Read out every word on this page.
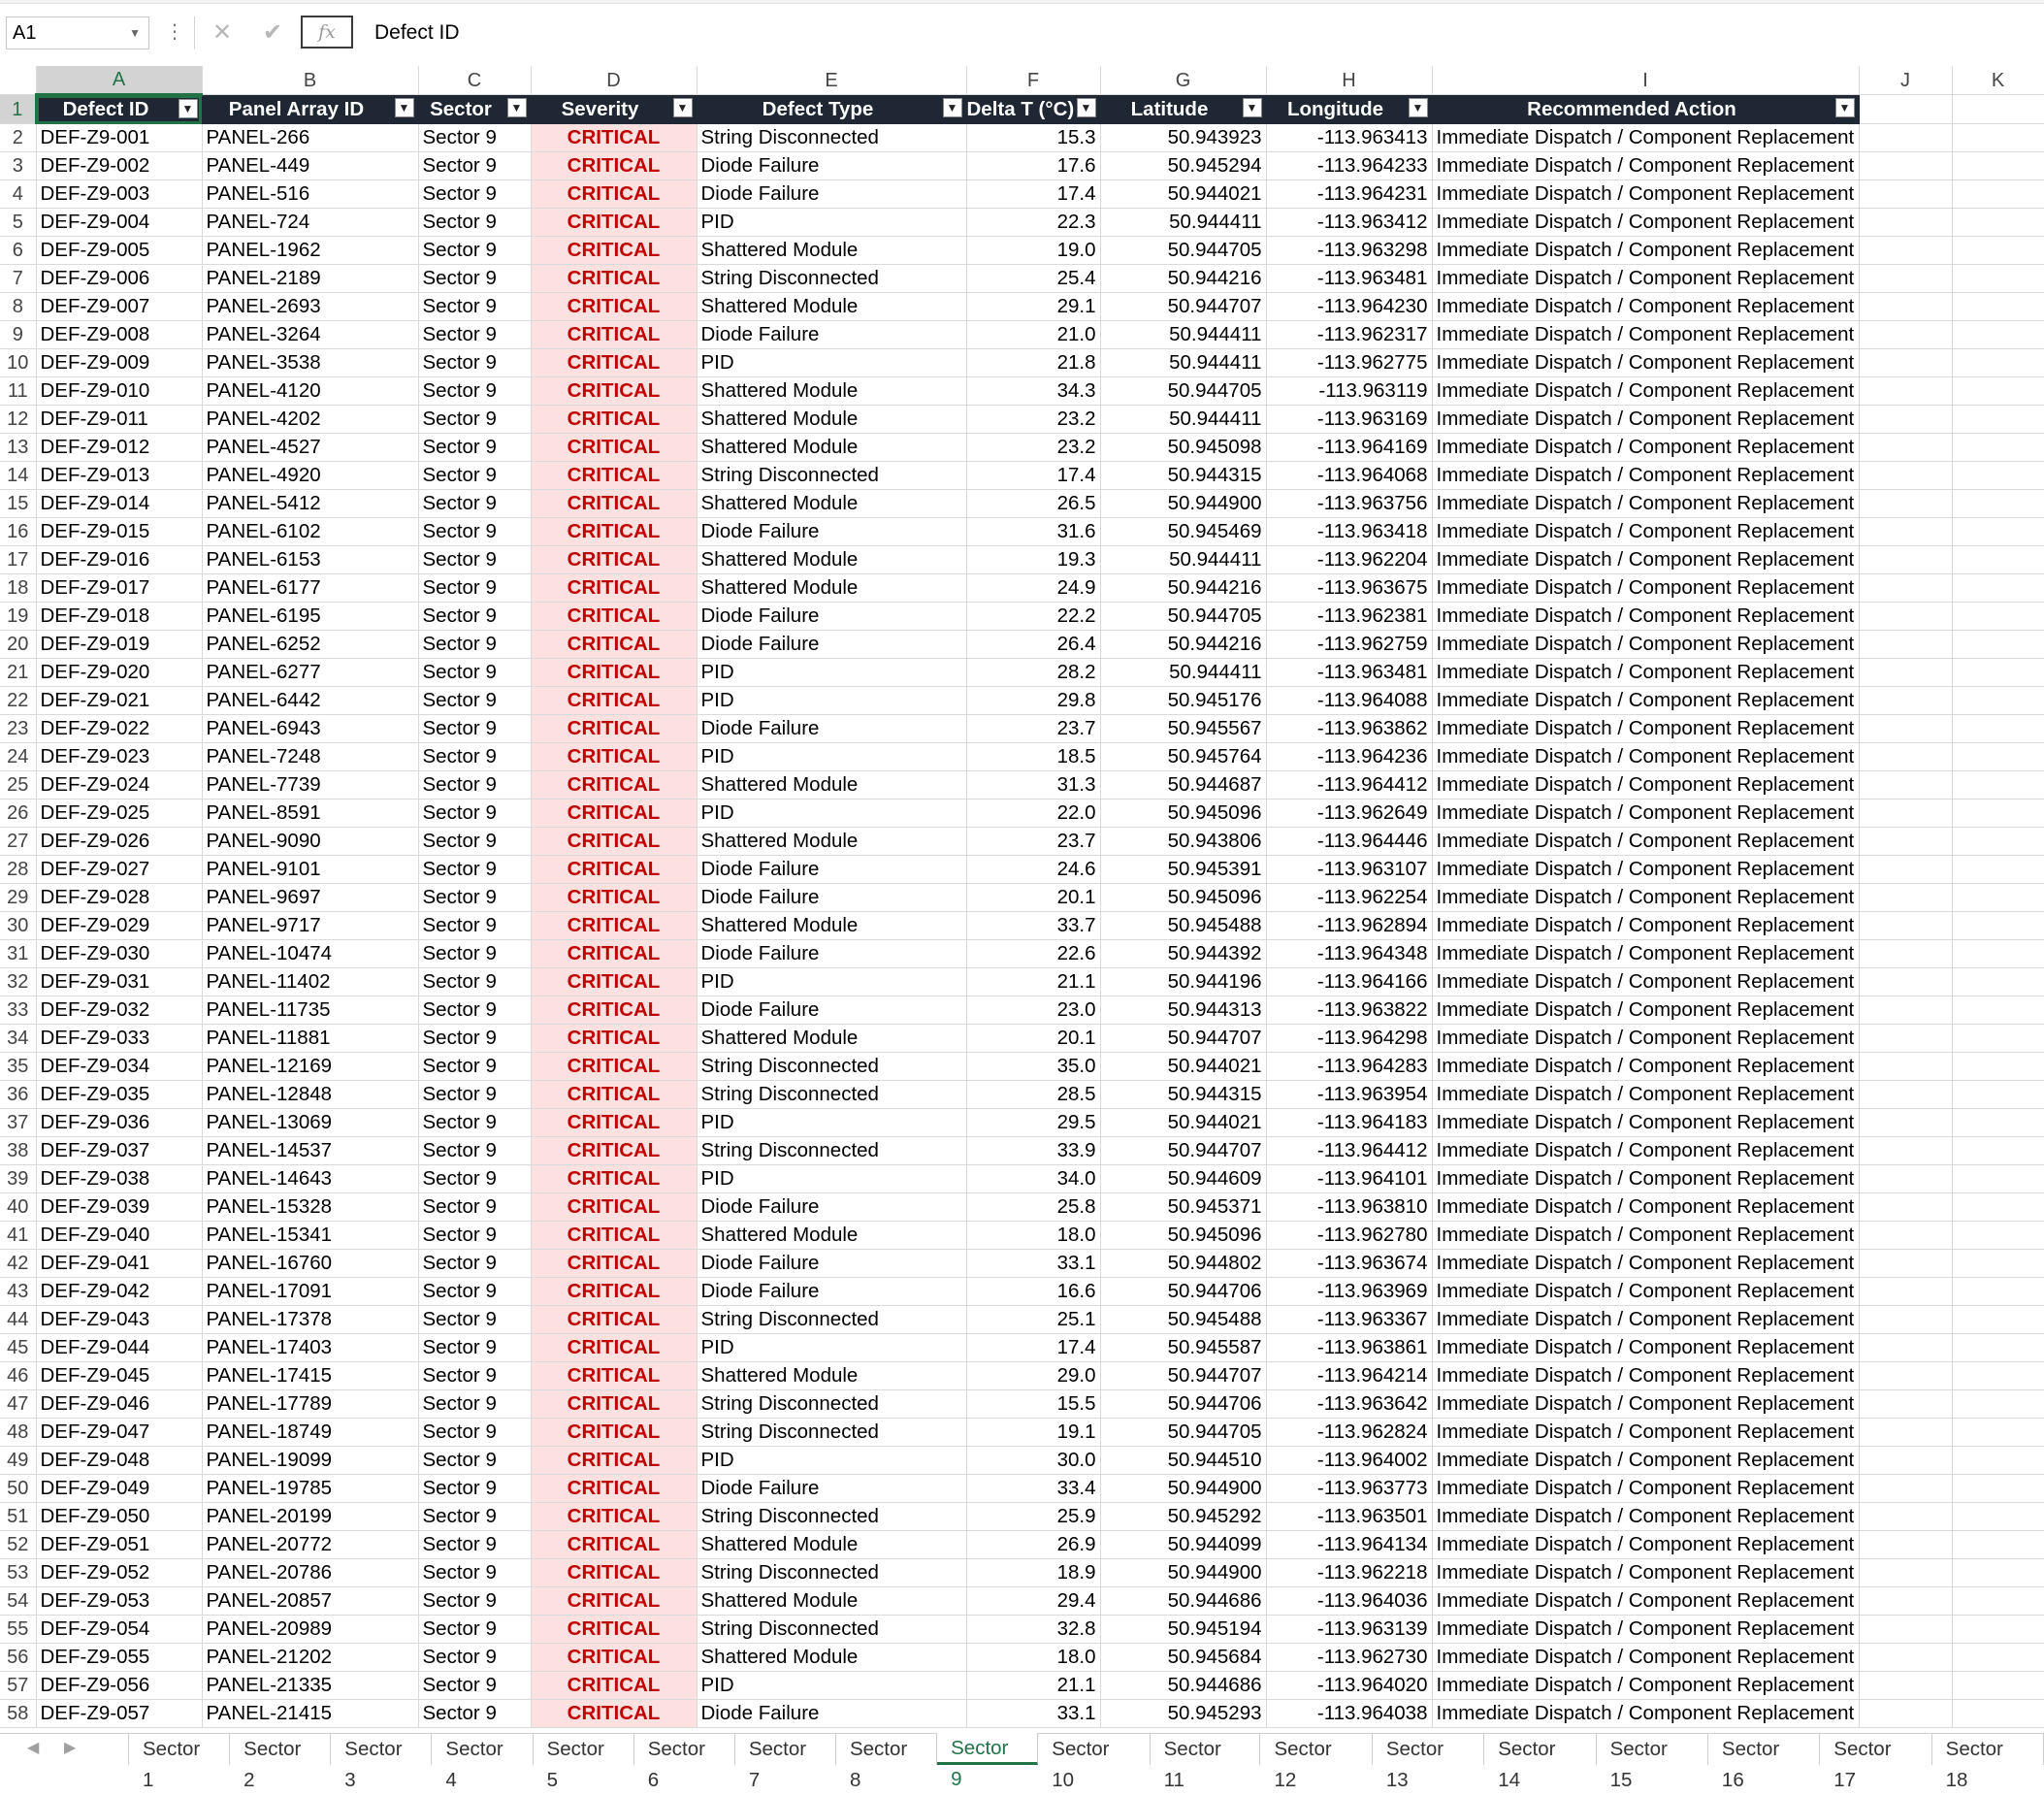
A1	▼ ⋮	✕	✔	fx	Defect ID
	A	B	C	D	E	F	G	H	I	J	K
1	Defect ID ▼	Panel Array ID ▼	Sector ▼	Severity ▼	Defect Type ▼	Delta T (°C) ▼	Latitude ▼	Longitude ▼	Recommended Action ▼		

2	DEF-Z9-001	PANEL-266	Sector 9	CRITICAL	String Disconnected	15.3	50.943923	-113.963413	Immediate Dispatch / Component Replacement		
3	DEF-Z9-002	PANEL-449	Sector 9	CRITICAL	Diode Failure	17.6	50.945294	-113.964233	Immediate Dispatch / Component Replacement		
4	DEF-Z9-003	PANEL-516	Sector 9	CRITICAL	Diode Failure	17.4	50.944021	-113.964231	Immediate Dispatch / Component Replacement		
5	DEF-Z9-004	PANEL-724	Sector 9	CRITICAL	PID	22.3	50.944411	-113.963412	Immediate Dispatch / Component Replacement		
6	DEF-Z9-005	PANEL-1962	Sector 9	CRITICAL	Shattered Module	19.0	50.944705	-113.963298	Immediate Dispatch / Component Replacement		
7	DEF-Z9-006	PANEL-2189	Sector 9	CRITICAL	String Disconnected	25.4	50.944216	-113.963481	Immediate Dispatch / Component Replacement		
8	DEF-Z9-007	PANEL-2693	Sector 9	CRITICAL	Shattered Module	29.1	50.944707	-113.964230	Immediate Dispatch / Component Replacement		
9	DEF-Z9-008	PANEL-3264	Sector 9	CRITICAL	Diode Failure	21.0	50.944411	-113.962317	Immediate Dispatch / Component Replacement		
10	DEF-Z9-009	PANEL-3538	Sector 9	CRITICAL	PID	21.8	50.944411	-113.962775	Immediate Dispatch / Component Replacement		
11	DEF-Z9-010	PANEL-4120	Sector 9	CRITICAL	Shattered Module	34.3	50.944705	-113.963119	Immediate Dispatch / Component Replacement		
12	DEF-Z9-011	PANEL-4202	Sector 9	CRITICAL	Shattered Module	23.2	50.944411	-113.963169	Immediate Dispatch / Component Replacement		
13	DEF-Z9-012	PANEL-4527	Sector 9	CRITICAL	Shattered Module	23.2	50.945098	-113.964169	Immediate Dispatch / Component Replacement		
14	DEF-Z9-013	PANEL-4920	Sector 9	CRITICAL	String Disconnected	17.4	50.944315	-113.964068	Immediate Dispatch / Component Replacement		
15	DEF-Z9-014	PANEL-5412	Sector 9	CRITICAL	Shattered Module	26.5	50.944900	-113.963756	Immediate Dispatch / Component Replacement		
16	DEF-Z9-015	PANEL-6102	Sector 9	CRITICAL	Diode Failure	31.6	50.945469	-113.963418	Immediate Dispatch / Component Replacement		
17	DEF-Z9-016	PANEL-6153	Sector 9	CRITICAL	Shattered Module	19.3	50.944411	-113.962204	Immediate Dispatch / Component Replacement		
18	DEF-Z9-017	PANEL-6177	Sector 9	CRITICAL	Shattered Module	24.9	50.944216	-113.963675	Immediate Dispatch / Component Replacement		
19	DEF-Z9-018	PANEL-6195	Sector 9	CRITICAL	Diode Failure	22.2	50.944705	-113.962381	Immediate Dispatch / Component Replacement		
20	DEF-Z9-019	PANEL-6252	Sector 9	CRITICAL	Diode Failure	26.4	50.944216	-113.962759	Immediate Dispatch / Component Replacement		
21	DEF-Z9-020	PANEL-6277	Sector 9	CRITICAL	PID	28.2	50.944411	-113.963481	Immediate Dispatch / Component Replacement		
22	DEF-Z9-021	PANEL-6442	Sector 9	CRITICAL	PID	29.8	50.945176	-113.964088	Immediate Dispatch / Component Replacement		
23	DEF-Z9-022	PANEL-6943	Sector 9	CRITICAL	Diode Failure	23.7	50.945567	-113.963862	Immediate Dispatch / Component Replacement		
24	DEF-Z9-023	PANEL-7248	Sector 9	CRITICAL	PID	18.5	50.945764	-113.964236	Immediate Dispatch / Component Replacement		
25	DEF-Z9-024	PANEL-7739	Sector 9	CRITICAL	Shattered Module	31.3	50.944687	-113.964412	Immediate Dispatch / Component Replacement		
26	DEF-Z9-025	PANEL-8591	Sector 9	CRITICAL	PID	22.0	50.945096	-113.962649	Immediate Dispatch / Component Replacement		
27	DEF-Z9-026	PANEL-9090	Sector 9	CRITICAL	Shattered Module	23.7	50.943806	-113.964446	Immediate Dispatch / Component Replacement		
28	DEF-Z9-027	PANEL-9101	Sector 9	CRITICAL	Diode Failure	24.6	50.945391	-113.963107	Immediate Dispatch / Component Replacement		
29	DEF-Z9-028	PANEL-9697	Sector 9	CRITICAL	Diode Failure	20.1	50.945096	-113.962254	Immediate Dispatch / Component Replacement		
30	DEF-Z9-029	PANEL-9717	Sector 9	CRITICAL	Shattered Module	33.7	50.945488	-113.962894	Immediate Dispatch / Component Replacement		
31	DEF-Z9-030	PANEL-10474	Sector 9	CRITICAL	Diode Failure	22.6	50.944392	-113.964348	Immediate Dispatch / Component Replacement		
32	DEF-Z9-031	PANEL-11402	Sector 9	CRITICAL	PID	21.1	50.944196	-113.964166	Immediate Dispatch / Component Replacement		
33	DEF-Z9-032	PANEL-11735	Sector 9	CRITICAL	Diode Failure	23.0	50.944313	-113.963822	Immediate Dispatch / Component Replacement		
34	DEF-Z9-033	PANEL-11881	Sector 9	CRITICAL	Shattered Module	20.1	50.944707	-113.964298	Immediate Dispatch / Component Replacement		
35	DEF-Z9-034	PANEL-12169	Sector 9	CRITICAL	String Disconnected	35.0	50.944021	-113.964283	Immediate Dispatch / Component Replacement		
36	DEF-Z9-035	PANEL-12848	Sector 9	CRITICAL	String Disconnected	28.5	50.944315	-113.963954	Immediate Dispatch / Component Replacement		
37	DEF-Z9-036	PANEL-13069	Sector 9	CRITICAL	PID	29.5	50.944021	-113.964183	Immediate Dispatch / Component Replacement		
38	DEF-Z9-037	PANEL-14537	Sector 9	CRITICAL	String Disconnected	33.9	50.944707	-113.964412	Immediate Dispatch / Component Replacement		
39	DEF-Z9-038	PANEL-14643	Sector 9	CRITICAL	PID	34.0	50.944609	-113.964101	Immediate Dispatch / Component Replacement		
40	DEF-Z9-039	PANEL-15328	Sector 9	CRITICAL	Diode Failure	25.8	50.945371	-113.963810	Immediate Dispatch / Component Replacement		
41	DEF-Z9-040	PANEL-15341	Sector 9	CRITICAL	Shattered Module	18.0	50.945096	-113.962780	Immediate Dispatch / Component Replacement		
42	DEF-Z9-041	PANEL-16760	Sector 9	CRITICAL	Diode Failure	33.1	50.944802	-113.963674	Immediate Dispatch / Component Replacement		
43	DEF-Z9-042	PANEL-17091	Sector 9	CRITICAL	Diode Failure	16.6	50.944706	-113.963969	Immediate Dispatch / Component Replacement		
44	DEF-Z9-043	PANEL-17378	Sector 9	CRITICAL	String Disconnected	25.1	50.945488	-113.963367	Immediate Dispatch / Component Replacement		
45	DEF-Z9-044	PANEL-17403	Sector 9	CRITICAL	PID	17.4	50.945587	-113.963861	Immediate Dispatch / Component Replacement		
46	DEF-Z9-045	PANEL-17415	Sector 9	CRITICAL	Shattered Module	29.0	50.944707	-113.964214	Immediate Dispatch / Component Replacement		
47	DEF-Z9-046	PANEL-17789	Sector 9	CRITICAL	String Disconnected	15.5	50.944706	-113.963642	Immediate Dispatch / Component Replacement		
48	DEF-Z9-047	PANEL-18749	Sector 9	CRITICAL	String Disconnected	19.1	50.944705	-113.962824	Immediate Dispatch / Component Replacement		
49	DEF-Z9-048	PANEL-19099	Sector 9	CRITICAL	PID	30.0	50.944510	-113.964002	Immediate Dispatch / Component Replacement		
50	DEF-Z9-049	PANEL-19785	Sector 9	CRITICAL	Diode Failure	33.4	50.944900	-113.963773	Immediate Dispatch / Component Replacement		
51	DEF-Z9-050	PANEL-20199	Sector 9	CRITICAL	String Disconnected	25.9	50.945292	-113.963501	Immediate Dispatch / Component Replacement		
52	DEF-Z9-051	PANEL-20772	Sector 9	CRITICAL	Shattered Module	26.9	50.944099	-113.964134	Immediate Dispatch / Component Replacement		
53	DEF-Z9-052	PANEL-20786	Sector 9	CRITICAL	String Disconnected	18.9	50.944900	-113.962218	Immediate Dispatch / Component Replacement		
54	DEF-Z9-053	PANEL-20857	Sector 9	CRITICAL	Shattered Module	29.4	50.944686	-113.964036	Immediate Dispatch / Component Replacement		
55	DEF-Z9-054	PANEL-20989	Sector 9	CRITICAL	String Disconnected	32.8	50.945194	-113.963139	Immediate Dispatch / Component Replacement		
56	DEF-Z9-055	PANEL-21202	Sector 9	CRITICAL	Shattered Module	18.0	50.945684	-113.962730	Immediate Dispatch / Component Replacement		
57	DEF-Z9-056	PANEL-21335	Sector 9	CRITICAL	PID	21.1	50.944686	-113.964020	Immediate Dispatch / Component Replacement		
58	DEF-Z9-057	PANEL-21415	Sector 9	CRITICAL	Diode Failure	33.1	50.945293	-113.964038	Immediate Dispatch / Component Replacement		
◀ ▶	Sector 1
Sector 2
Sector 3
Sector 4
Sector 5
Sector 6
Sector 7
Sector 8
Sector 9
Sector 10
Sector 11
Sector 12
Sector 13
Sector 14
Sector 15
Sector 16
Sector 17
Sector 18
